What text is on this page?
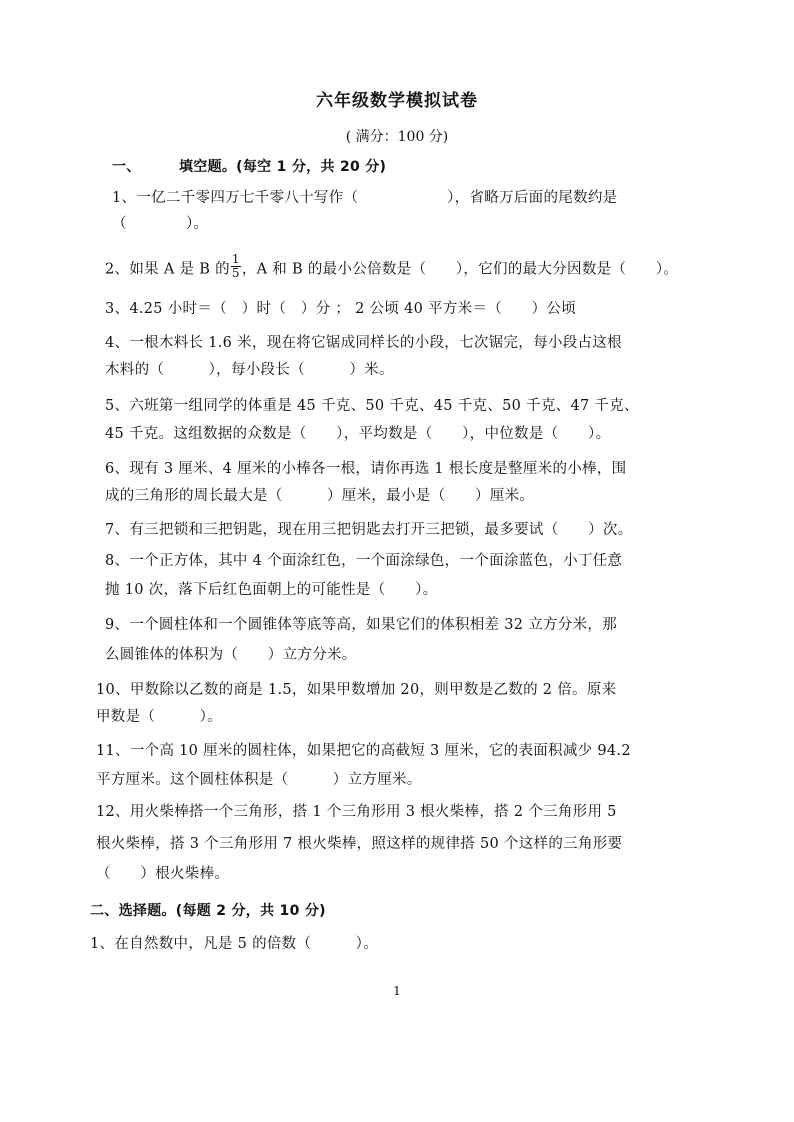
六年级数学模拟试卷
( 满分：100 分)
一、	填空题。(每空 1 分，共 20 分)
1、一亿二千零四万七千零八十写作（　　　　　　），省略万后面的尾数约是
（　　　　）。
2、如果 A 是 B 的 $\frac{1}{5}$ ，A 和 B 的最小公倍数是（　　），它们的最大分因数是（　　）。
3、4.25 小时＝（　）时（　）分 ； 2 公顷 40 平方米＝（　　）公顷
4、一根木料长 1.6 米，现在将它锯成同样长的小段，七次锯完，每小段占这根
木料的（　　　），每小段长（　　　）米。
5、六班第一组同学的体重是 45 千克、50 千克、45 千克、50 千克、47 千克、
45 千克。这组数据的众数是（　　），平均数是（　　），中位数是（　　）。
6、现有 3 厘米、4 厘米的小棒各一根，请你再选 1 根长度是整厘米的小棒，围
成的三角形的周长最大是（　　　）厘米，最小是（　　）厘米。
7、有三把锁和三把钥匙，现在用三把钥匙去打开三把锁，最多要试（　　）次。
8、一个正方体，其中 4 个面涂红色，一个面涂绿色，一个面涂蓝色，小丁任意
抛 10 次，落下后红色面朝上的可能性是（　　）。
9、一个圆柱体和一个圆锥体等底等高，如果它们的体积相差 32 立方分米，那
么圆锥体的体积为（　　）立方分米。
10、甲数除以乙数的商是 1.5，如果甲数增加 20，则甲数是乙数的 2 倍。原来
甲数是（　　　）。
11、一个高 10 厘米的圆柱体，如果把它的高截短 3 厘米，它的表面积减少 94.2
平方厘米。这个圆柱体积是（　　　）立方厘米。
12、用火柴棒搭一个三角形，搭 1 个三角形用 3 根火柴棒，搭 2 个三角形用 5
根火柴棒，搭 3 个三角形用 7 根火柴棒，照这样的规律搭 50 个这样的三角形要
（　　）根火柴棒。
二、选择题。(每题 2 分，共 10 分)
1、在自然数中，凡是 5 的倍数（　　　）。
1
